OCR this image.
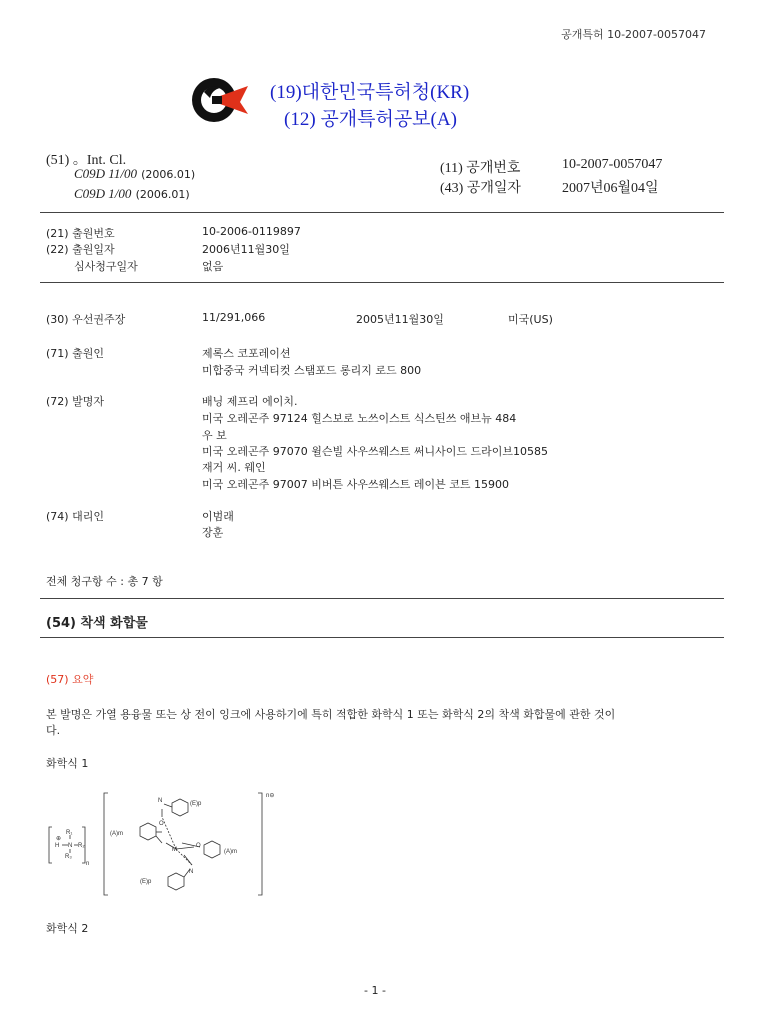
공개특허 10-2007-0057047
(19)대한민국특허청(KR)
(12) 공개특허공보(A)
(51) 。Int. Cl.
C09D 11/00 (2006.01)
C09D 1/00 (2006.01)
(11) 공개번호	10-2007-0057047
(43) 공개일자	2007년06월04일
(21) 출원번호	10-2006-0119897
(22) 출원일자	2006년11월30일
심사청구일자	없음
(30) 우선권주장	11/291,066	2005년11월30일	미국(US)
(71) 출원인	제록스 코포레이션
미합중국 커넥티컷 스탬포드 롱리지 로드 800
(72) 발명자	배닝 제프리 에이치.
미국 오레곤주 97124 힐스보로 노쓰이스트 식스틴쓰 애브뉴 484
우 보
미국 오레곤주 97070 윌슨빌 사우쓰웨스트 써니사이드 드라이브10585
재거 씨. 웨인
미국 오레곤주 97007 비버튼 사우쓰웨스트 레이븐 코트 15900
(74) 대리인	이범래
장훈
전체 청구항 수 : 총 7 항
(54) 착색 화합물
(57) 요약
본 발명은 가열 용융물 또는 상 전이 잉크에 사용하기에 특히 적합한 화학식 1 또는 화학식 2의 착색 화합물에 관한 것이
다.
화학식 1
H N
R₁
R₂
R₃
⊕
n
n⊖
(E)p
(A)m
O
N
M	(A)m
N
O
(E)p
화학식 2
- 1 -
